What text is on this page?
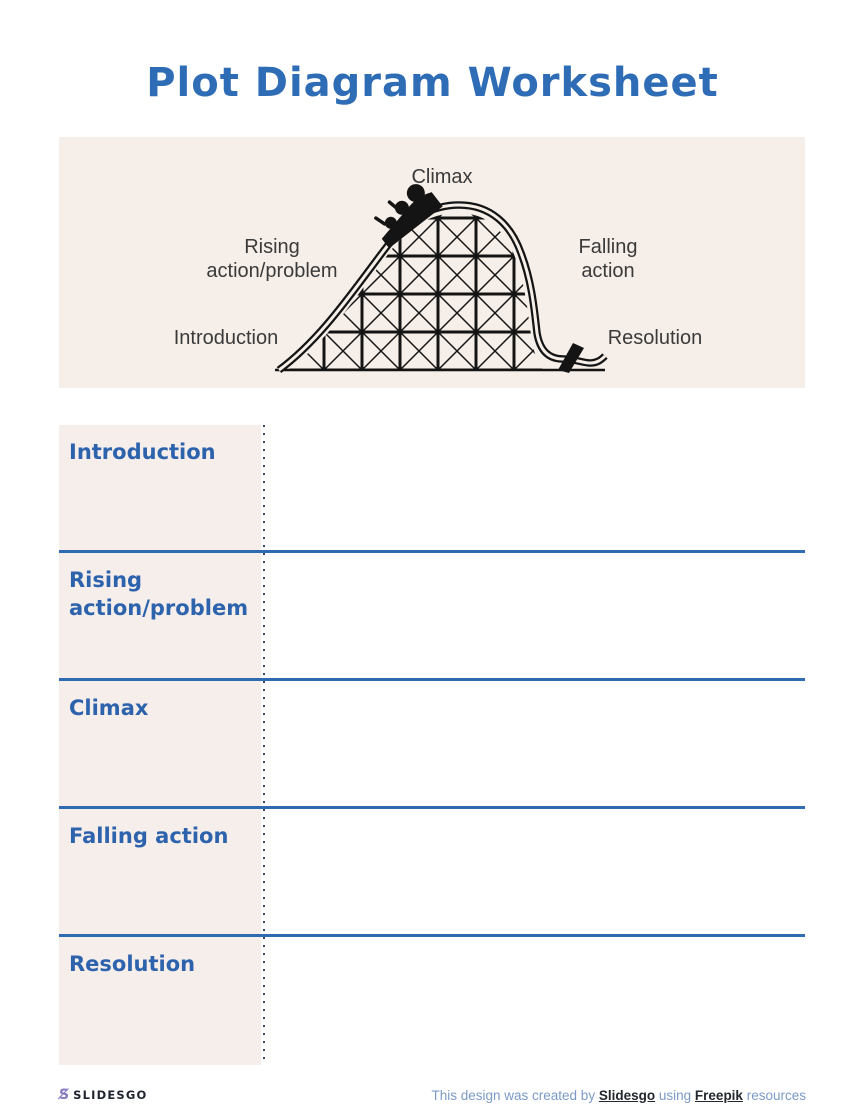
Plot Diagram Worksheet
Climax
Rising
action/problem
Falling
action
Introduction	Resolution
Introduction
Rising action/problem
Climax
Falling action
Resolution
S̸ SLIDESGO	This design was created by Slidesgo using Freepik resources
